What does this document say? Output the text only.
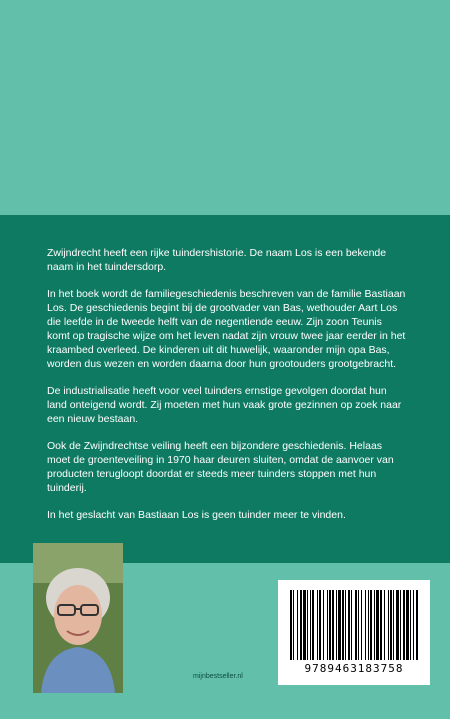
Zwijndrecht heeft een rijke tuindershistorie. De naam Los is een bekende naam in het tuindersdorp.

In het boek wordt de familiegeschiedenis beschreven van de familie Bastiaan Los. De geschiedenis begint bij de grootvader van Bas, wethouder Aart Los die leefde in de tweede helft van de negentiende eeuw. Zijn zoon Teunis komt op tragische wijze om het leven nadat zijn vrouw twee jaar eerder in het kraambed overleed. De kinderen uit dit huwelijk, waaronder mijn opa Bas, worden dus wezen en worden daarna door hun grootouders grootgebracht.

De industrialisatie heeft voor veel tuinders ernstige gevolgen doordat hun land onteigend wordt. Zij moeten met hun vaak grote gezinnen op zoek naar een nieuw bestaan.

Ook de Zwijndrechtse veiling heeft een bijzondere geschiedenis. Helaas moet de groenteveiling in 1970 haar deuren sluiten, omdat de aanvoer van producten terugloopt doordat er steeds meer tuinders stoppen met hun tuinderij.

In het geslacht van Bastiaan Los is geen tuinder meer te vinden.

9789463183758
mijnbestseller.nl
